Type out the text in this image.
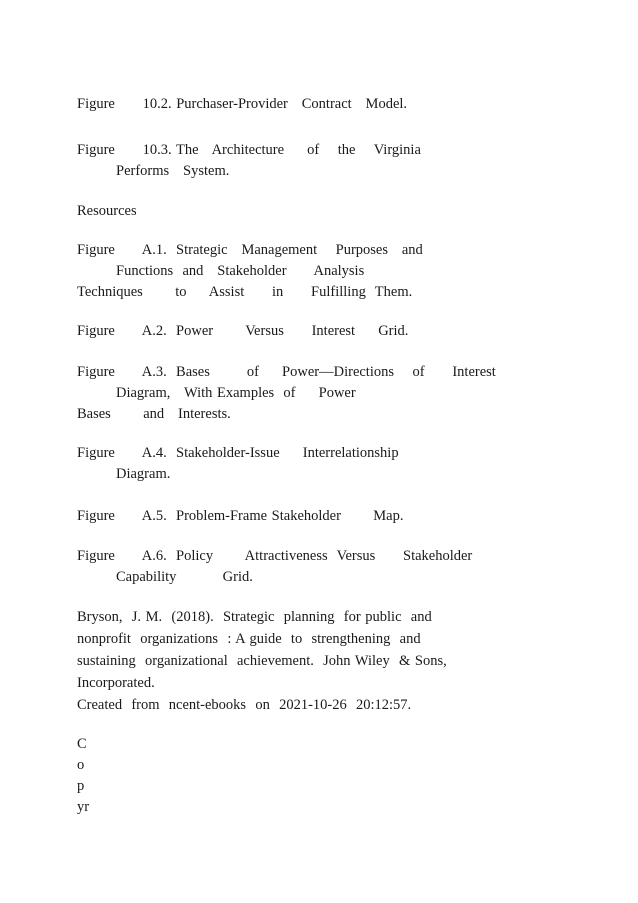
Figure      10.2. Purchaser-Provider   Contract   Model.
Figure      10.3. The   Architecture     of    the    Virginia
Performs   System.
Resources
Figure      A.1.  Strategic   Management    Purposes   and
Functions  and   Stakeholder      Analysis
Techniques       to     Assist      in      Fulfilling  Them.
Figure      A.2.  Power       Versus      Interest     Grid.
Figure      A.3.  Bases        of     Power—Directions    of      Interest
Diagram,   With Examples  of     Power
Bases       and   Interests.
Figure      A.4.  Stakeholder-Issue     Interrelationship
Diagram.
Figure      A.5.  Problem-Frame Stakeholder       Map.
Figure      A.6.  Policy       Attractiveness  Versus      Stakeholder
Capability          Grid.
Bryson,  J. M.  (2018).  Strategic  planning  for public  and
nonprofit  organizations  : A guide  to  strengthening  and
sustaining  organizational  achievement.  John Wiley  & Sons,
Incorporated.
Created  from  ncent-ebooks  on  2021-10-26  20:12:57.
C
o
p
yr
